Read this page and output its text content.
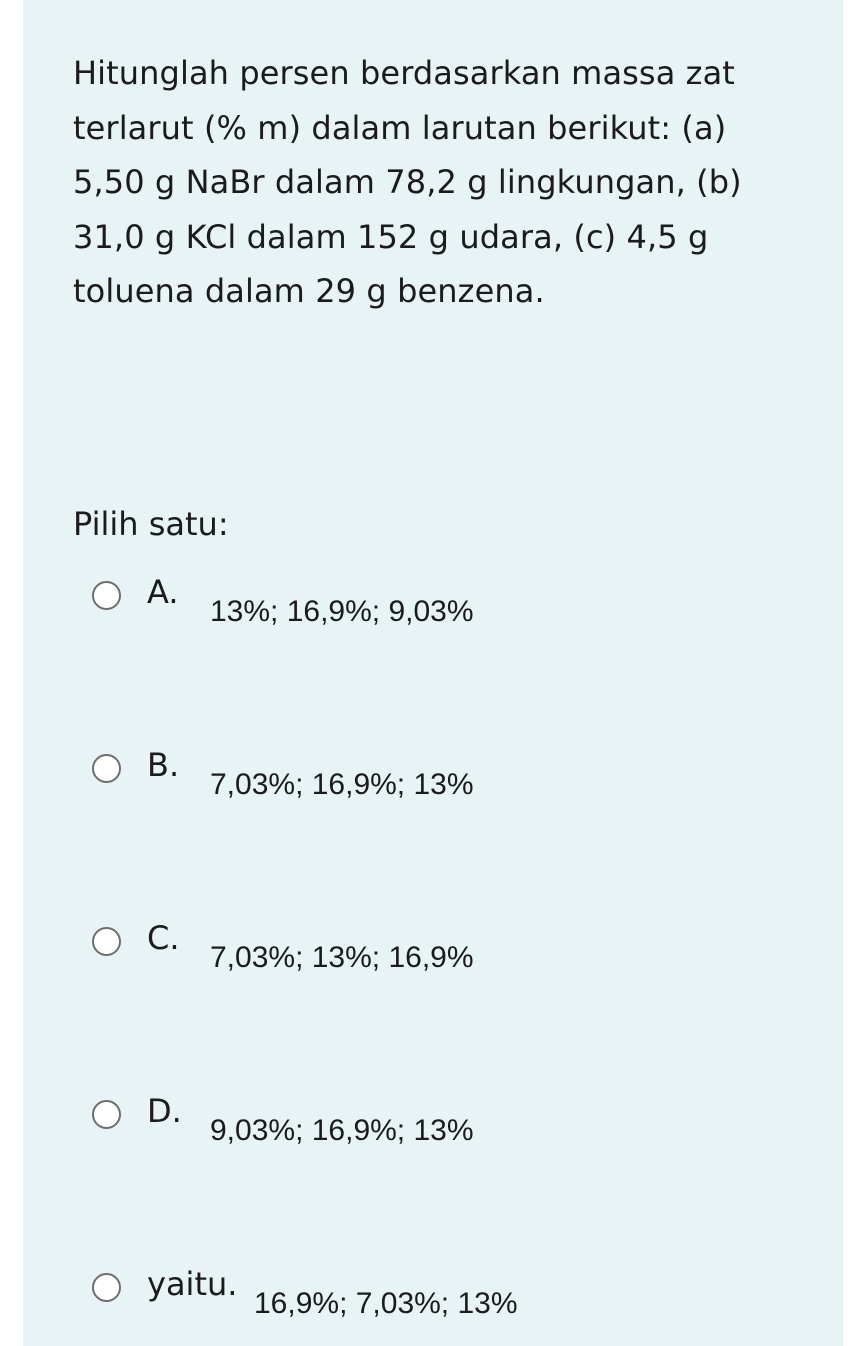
Hitunglah persen berdasarkan massa zat terlarut (% m) dalam larutan berikut: (a) 5,50 g NaBr dalam 78,2 g lingkungan, (b) 31,0 g KCl dalam 152 g udara, (c) 4,5 g toluena dalam 29 g benzena.

Pilih satu:

A.
13%; 16,9%; 9,03%
B.
7,03%; 16,9%; 13%
C.
7,03%; 13%; 16,9%
D.
9,03%; 16,9%; 13%
yaitu.
16,9%; 7,03%; 13%
